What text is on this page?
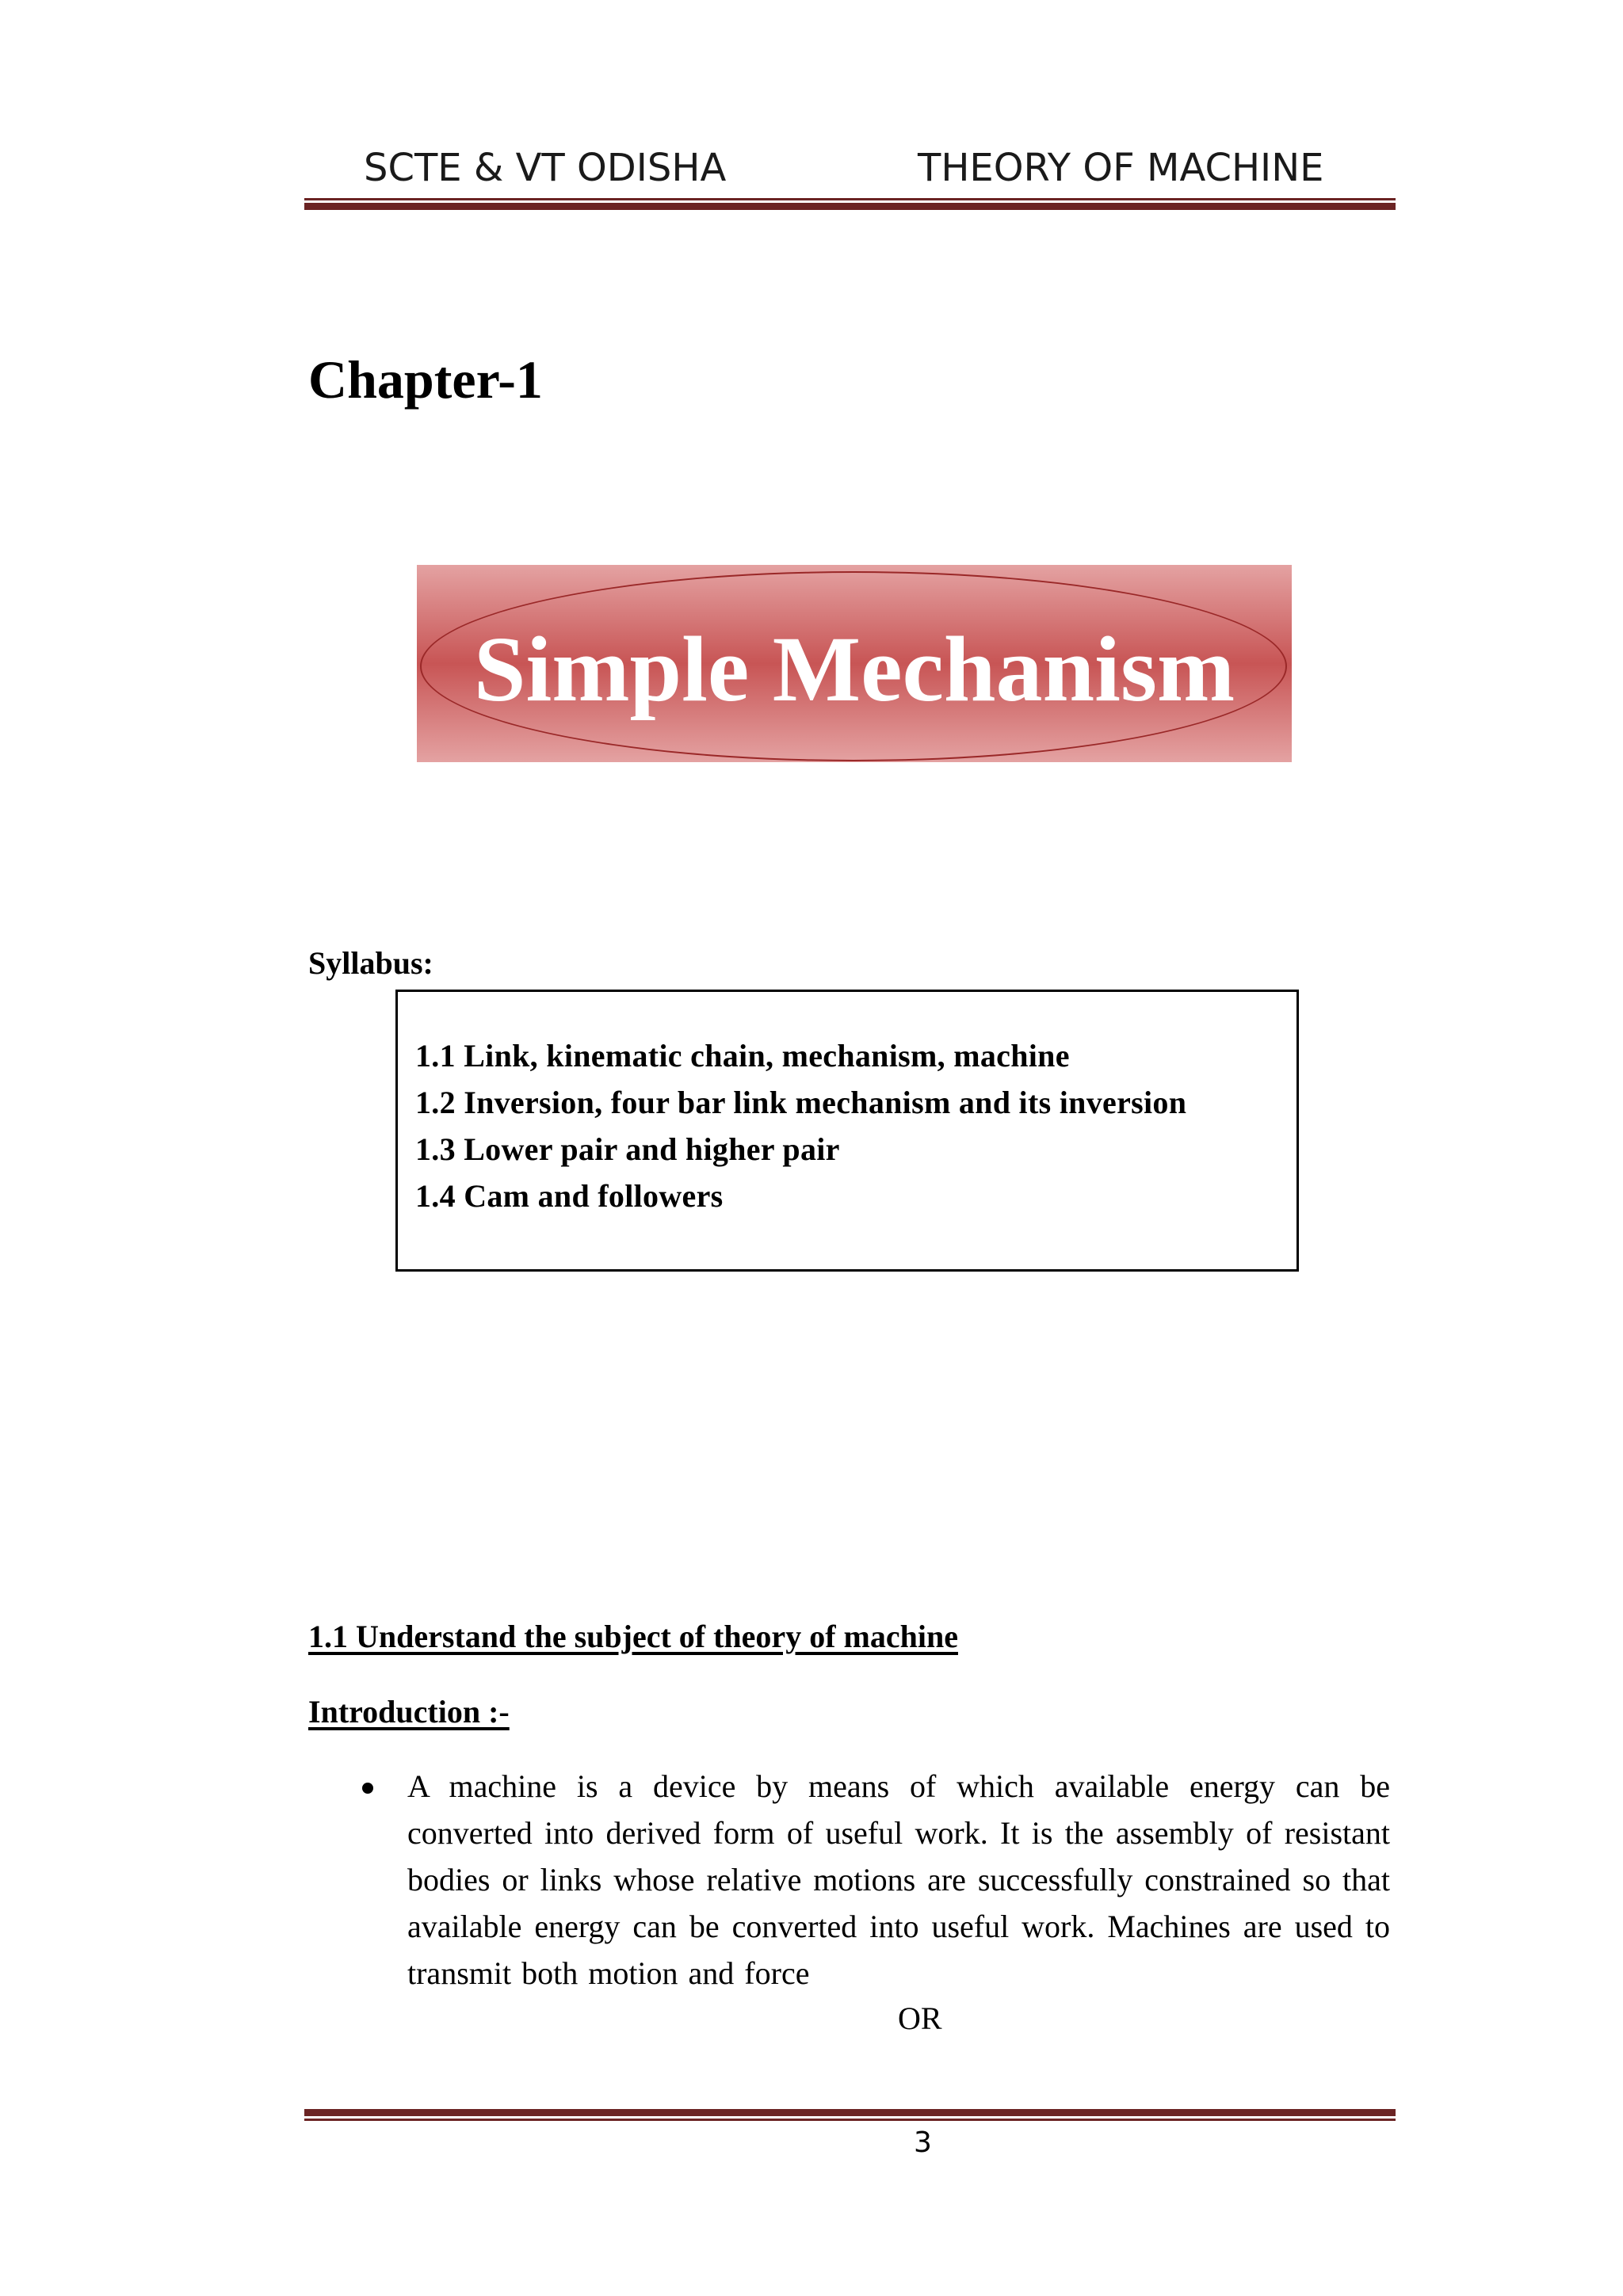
SCTE & VT ODISHA	THEORY OF MACHINE
Chapter-1
Simple Mechanism
Syllabus:
1.1 Link, kinematic chain, mechanism, machine
1.2 Inversion, four bar link mechanism and its inversion
1.3 Lower pair and higher pair
1.4 Cam and followers
1.1 Understand the subject of theory of machine
Introduction :-
A machine is a device by means of which available energy can be converted into derived form of useful work. It is the assembly of resistant bodies or links whose relative motions are successfully constrained so that available energy can be converted into useful work. Machines are used to transmit both motion and force
OR
3
